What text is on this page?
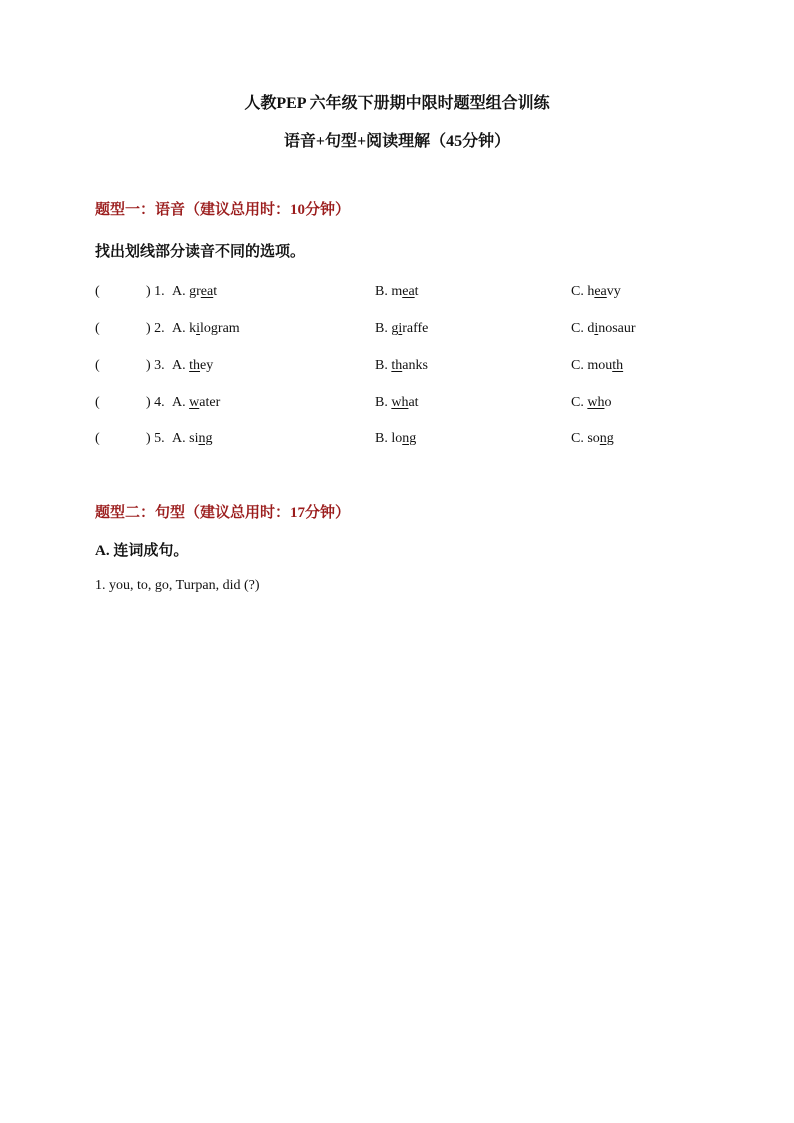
人教PEP 六年级下册期中限时题型组合训练
语音+句型+阅读理解（45分钟）
题型一：语音（建议总用时：10分钟）
找出划线部分读音不同的选项。
(	) 1. A. great	B. meat	C. heavy
(	) 2. A. kilogram	B. giraffe	C. dinosaur
(	) 3. A. they	B. thanks	C. mouth
(	) 4. A. water	B. what	C. who
(	) 5. A. sing	B. long	C. song
题型二：句型（建议总用时：17分钟）
A. 连词成句。
1. you, to, go, Turpan, did (?)
